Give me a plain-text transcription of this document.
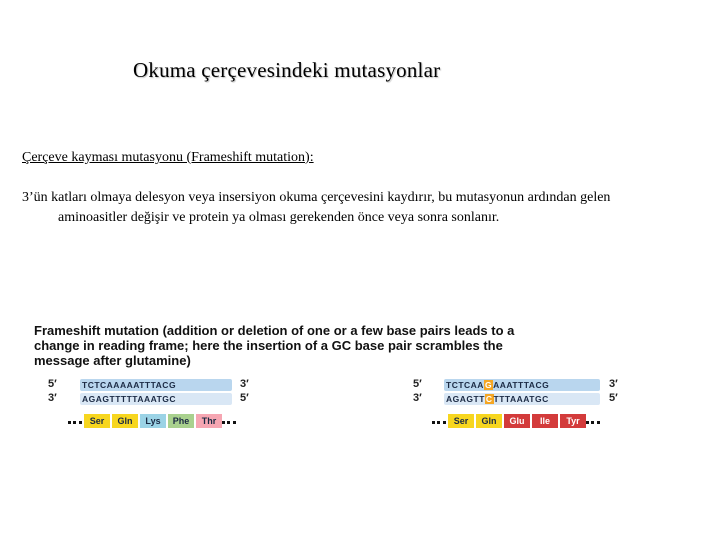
Okuma çerçevesindeki mutasyonlar
Çerçeve kayması mutasyonu (Frameshift mutation):
3’ün katları olmaya delesyon veya insersiyon okuma çerçevesini kaydırır, bu mutasyonun ardından gelen aminoasitler değişir ve protein ya olması gerekenden önce veya sonra sonlanır.
Frameshift mutation (addition or deletion of one or a few base pairs leads to a change in reading frame; here the insertion of a GC base pair scrambles the message after glutamine)
5′	TCTCAAAAATTTACG	3′
3′	AGAGTTTTTAAATGC	5′
Ser	Gln	Lys	Phe	Thr
5′	TCTCAA G AAATTTACG	3′
3′	AGAGTT C TTTAAATGC	5′
Ser	Gln	Glu	Ile	Tyr
